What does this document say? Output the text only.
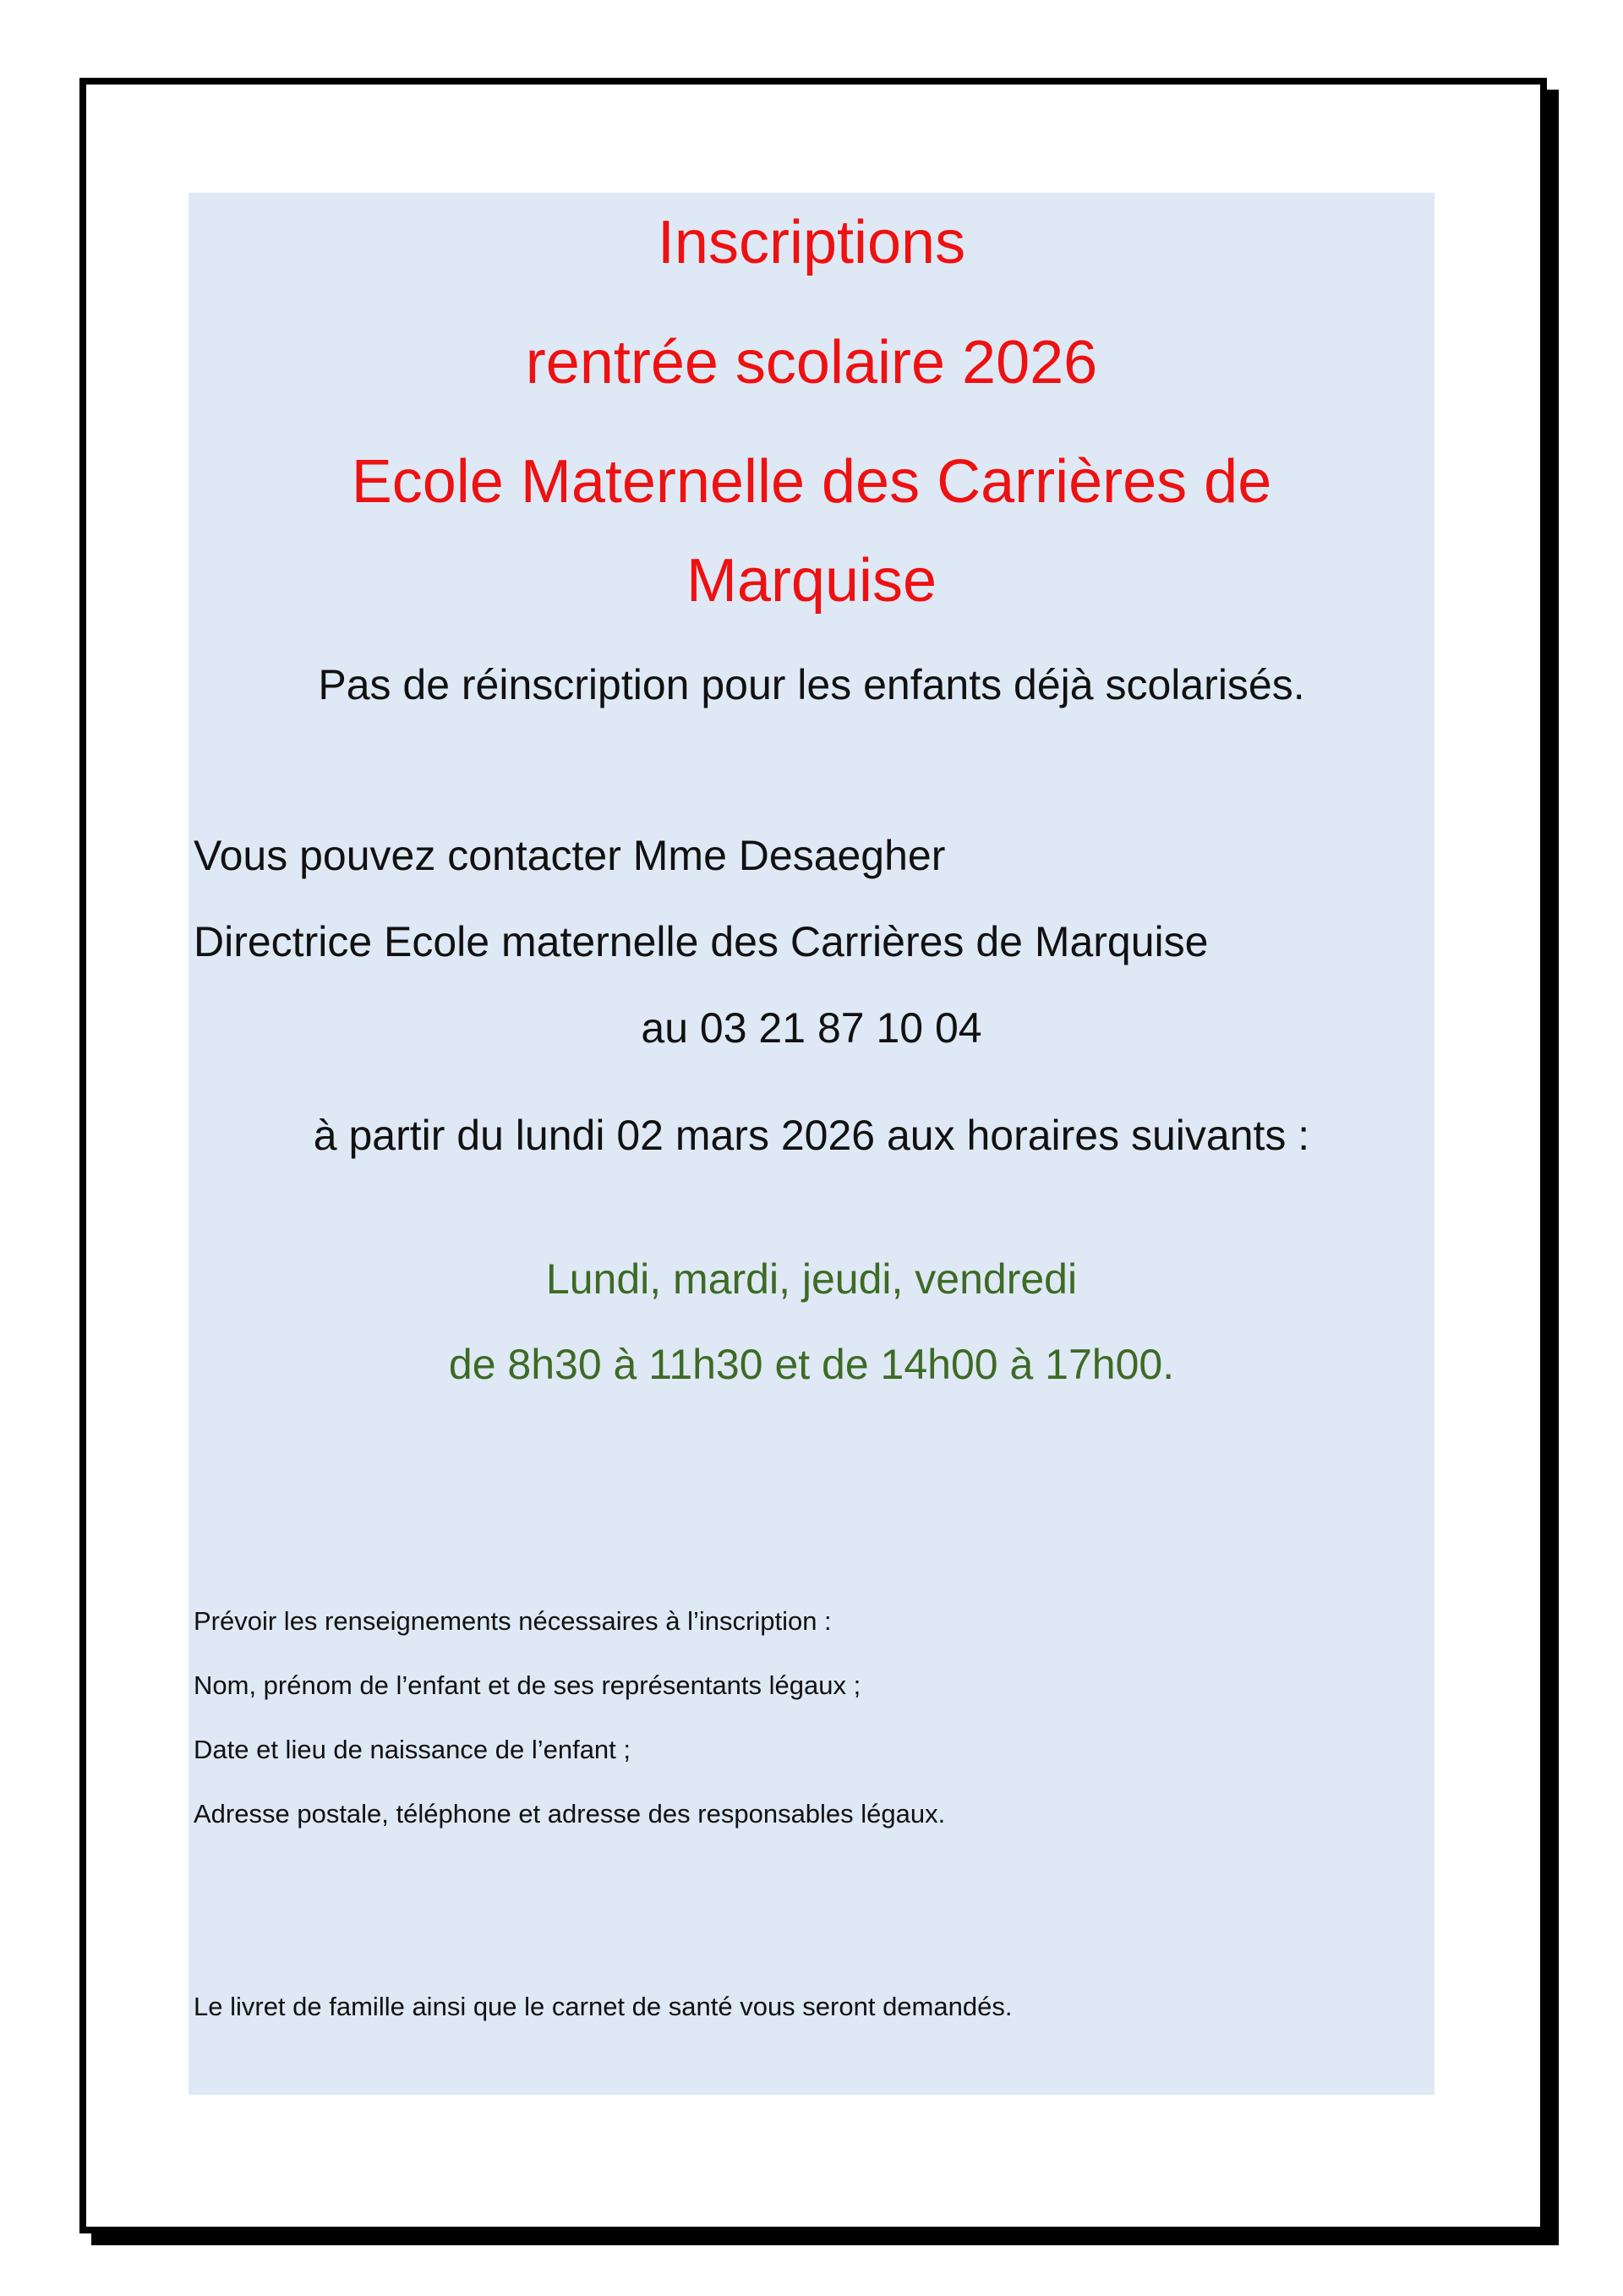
Inscriptions
rentrée scolaire 2026
Ecole Maternelle des Carrières de
Marquise
Pas de réinscription pour les enfants déjà scolarisés.
Vous pouvez contacter Mme Desaegher
Directrice Ecole maternelle des Carrières de Marquise
au 03 21 87 10 04
à partir du lundi 02 mars 2026 aux horaires suivants :
Lundi, mardi, jeudi, vendredi
de 8h30 à 11h30 et de 14h00 à 17h00.
Prévoir les renseignements nécessaires à l’inscription :
Nom, prénom de l’enfant et de ses représentants légaux ;
Date et lieu de naissance de l’enfant ;
Adresse postale, téléphone et adresse des responsables légaux.
Le livret de famille ainsi que le carnet de santé vous seront demandés.
